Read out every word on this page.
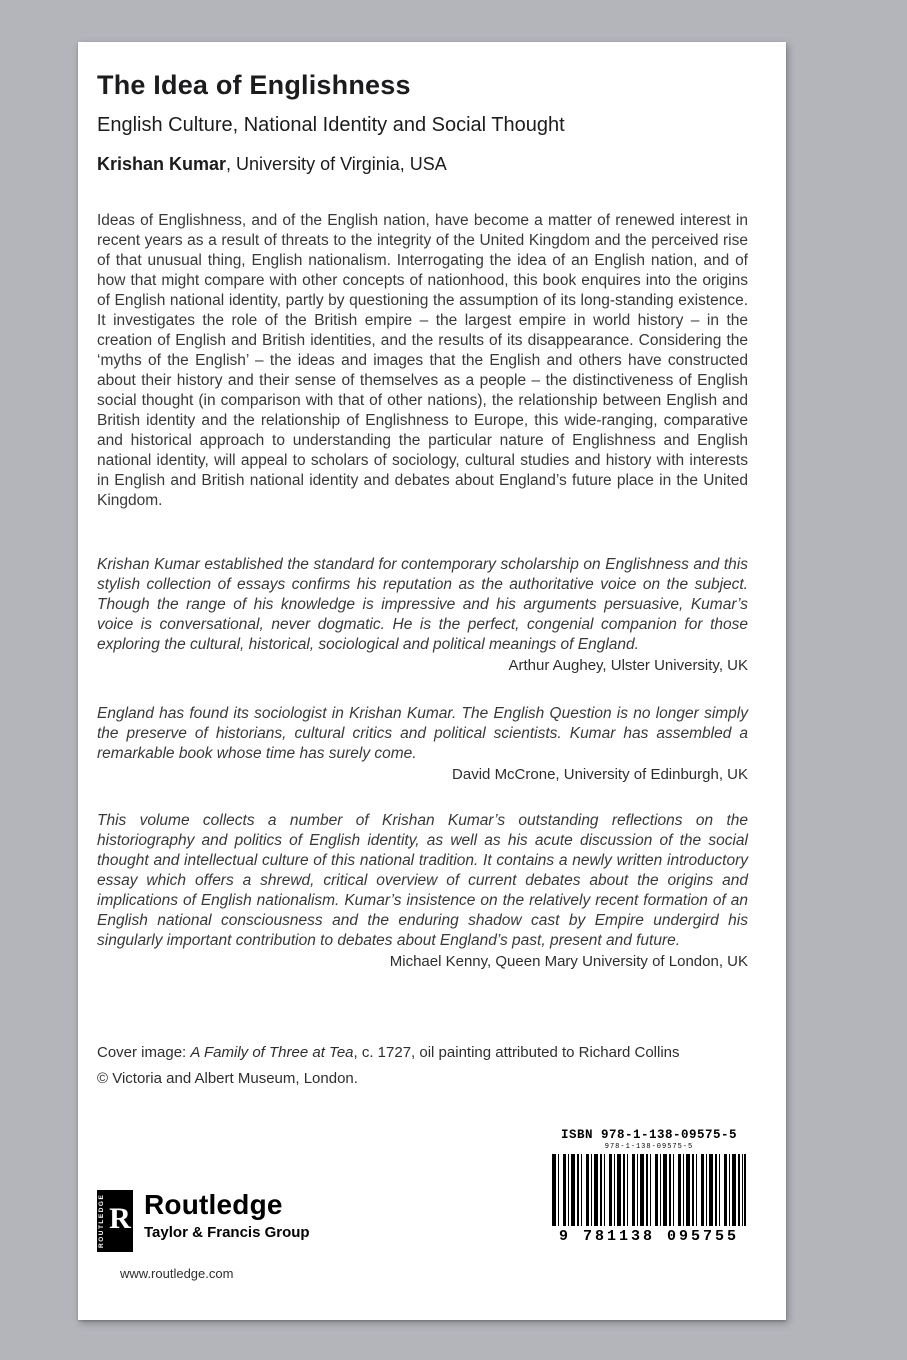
The Idea of Englishness
English Culture, National Identity and Social Thought

Krishan Kumar, University of Virginia, USA

Ideas of Englishness, and of the English nation, have become a matter of renewed interest in recent years as a result of threats to the integrity of the United Kingdom and the perceived rise of that unusual thing, English nationalism. Interrogating the idea of an English nation, and of how that might compare with other concepts of nationhood, this book enquires into the origins of English national identity, partly by questioning the assumption of its long-standing existence. It investigates the role of the British empire – the largest empire in world history – in the creation of English and British identities, and the results of its disappearance. Considering the ‘myths of the English’ – the ideas and images that the English and others have constructed about their history and their sense of themselves as a people – the distinctiveness of English social thought (in comparison with that of other nations), the relationship between English and British identity and the relationship of Englishness to Europe, this wide-ranging, comparative and historical approach to understanding the particular nature of Englishness and English national identity, will appeal to scholars of sociology, cultural studies and history with interests in English and British national identity and debates about England’s future place in the United Kingdom.

Krishan Kumar established the standard for contemporary scholarship on Englishness and this stylish collection of essays confirms his reputation as the authoritative voice on the subject. Though the range of his knowledge is impressive and his arguments persuasive, Kumar’s voice is conversational, never dogmatic. He is the perfect, congenial companion for those exploring the cultural, historical, sociological and political meanings of England.

Arthur Aughey, Ulster University, UK

England has found its sociologist in Krishan Kumar. The English Question is no longer simply the preserve of historians, cultural critics and political scientists. Kumar has assembled a remarkable book whose time has surely come.

David McCrone, University of Edinburgh, UK

This volume collects a number of Krishan Kumar’s outstanding reflections on the historiography and politics of English identity, as well as his acute discussion of the social thought and intellectual culture of this national tradition. It contains a newly written introductory essay which offers a shrewd, critical overview of current debates about the origins and implications of English nationalism. Kumar’s insistence on the relatively recent formation of an English national consciousness and the enduring shadow cast by Empire undergird his singularly important contribution to debates about England’s past, present and future.

Michael Kenny, Queen Mary University of London, UK

Cover image: A Family of Three at Tea, c. 1727, oil painting attributed to Richard Collins

© Victoria and Albert Museum, London.

ROUTLEDGE R Routledge
Taylor & Francis Group
www.routledge.com
ISBN 978-1-138-09575-5
978-1-138-09575-5
9 781138 095755
